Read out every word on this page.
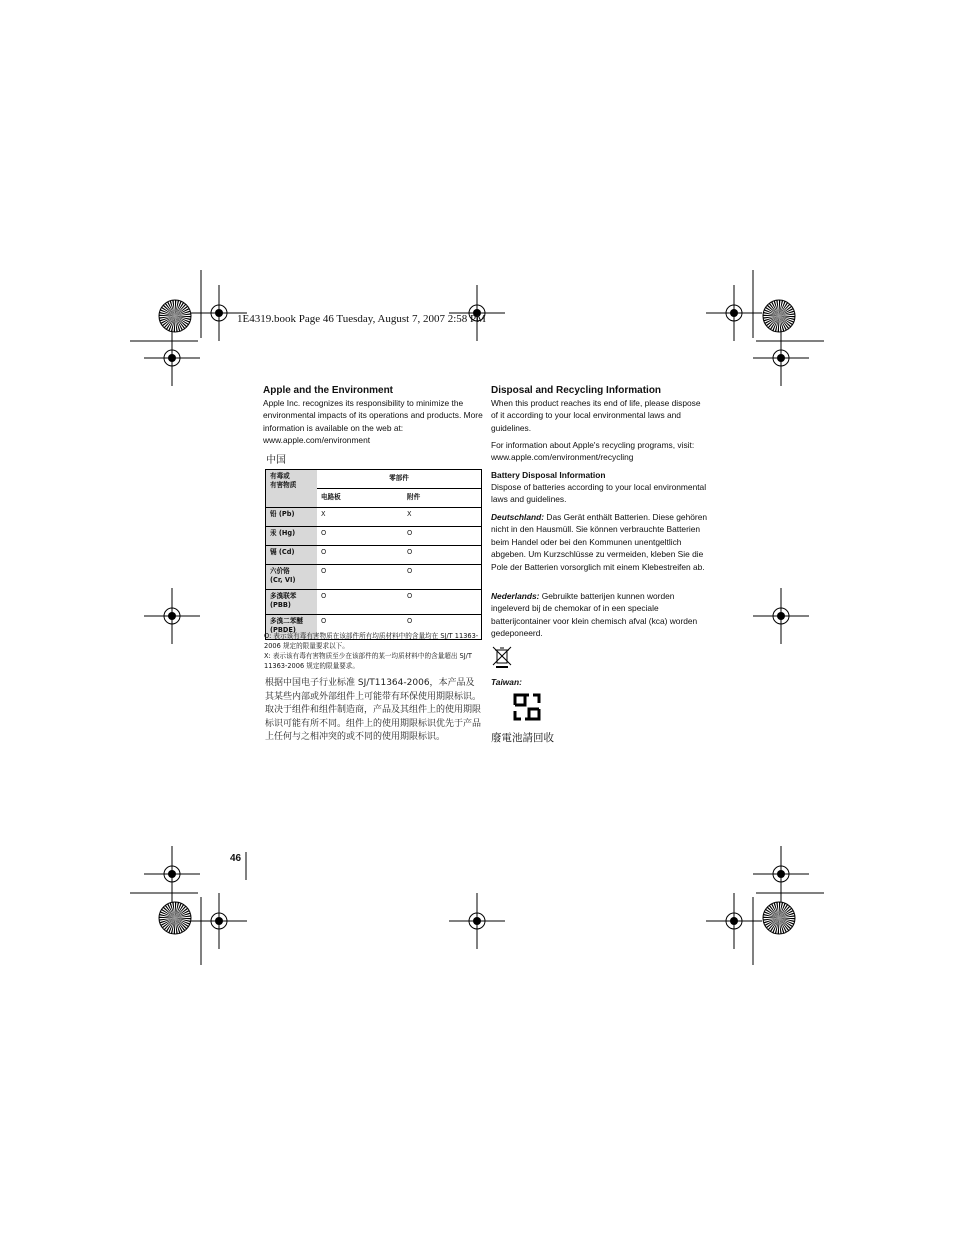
1E4319.book Page 46 Tuesday, August 7, 2007 2:58 PM
Apple and the Environment
Apple Inc. recognizes its responsibility to minimize the environmental impacts of its operations and products. More information is available on the web at:
www.apple.com/environment
中国
有毒或
有害物质	零部件	
	电路板	附件
铅 (Pb)	X	X
汞 (Hg)	O	O
镉 (Cd)	O	O
六价铬
(Cr, VI)	O	O
多溴联苯
(PBB)	O	O
多溴二苯醚
(PBDE)	O	O
O: 表示该有毒有害物质在该部件所有均质材料中的含量均在 SJ/T 11363-2006 规定的限量要求以下。
X: 表示该有毒有害物质至少在该部件的某一均质材料中的含量超出 SJ/T 11363-2006 规定的限量要求。
根据中国电子行业标准 SJ/T11364-2006，本产品及其某些内部或外部组件上可能带有环保使用期限标识。取决于组件和组件制造商，产品及其组件上的使用期限标识可能有所不同。组件上的使用期限标识优先于产品上任何与之相冲突的或不同的使用期限标识。
Disposal and Recycling Information
When this product reaches its end of life, please dispose of it according to your local environmental laws and guidelines.
For information about Apple's recycling programs, visit:
www.apple.com/environment/recycling
Battery Disposal Information
Dispose of batteries according to your local environmental laws and guidelines.
Deutschland: Das Gerät enthält Batterien. Diese gehören nicht in den Hausmüll. Sie können verbrauchte Batterien beim Handel oder bei den Kommunen unentgeltlich abgeben. Um Kurzschlüsse zu vermeiden, kleben Sie die Pole der Batterien vorsorglich mit einem Klebestreifen ab.
Nederlands: Gebruikte batterijen kunnen worden ingeleverd bij de chemokar of in een speciale batterijcontainer voor klein chemisch afval (kca) worden gedeponeerd.
Taiwan:
廢電池請回收
46
